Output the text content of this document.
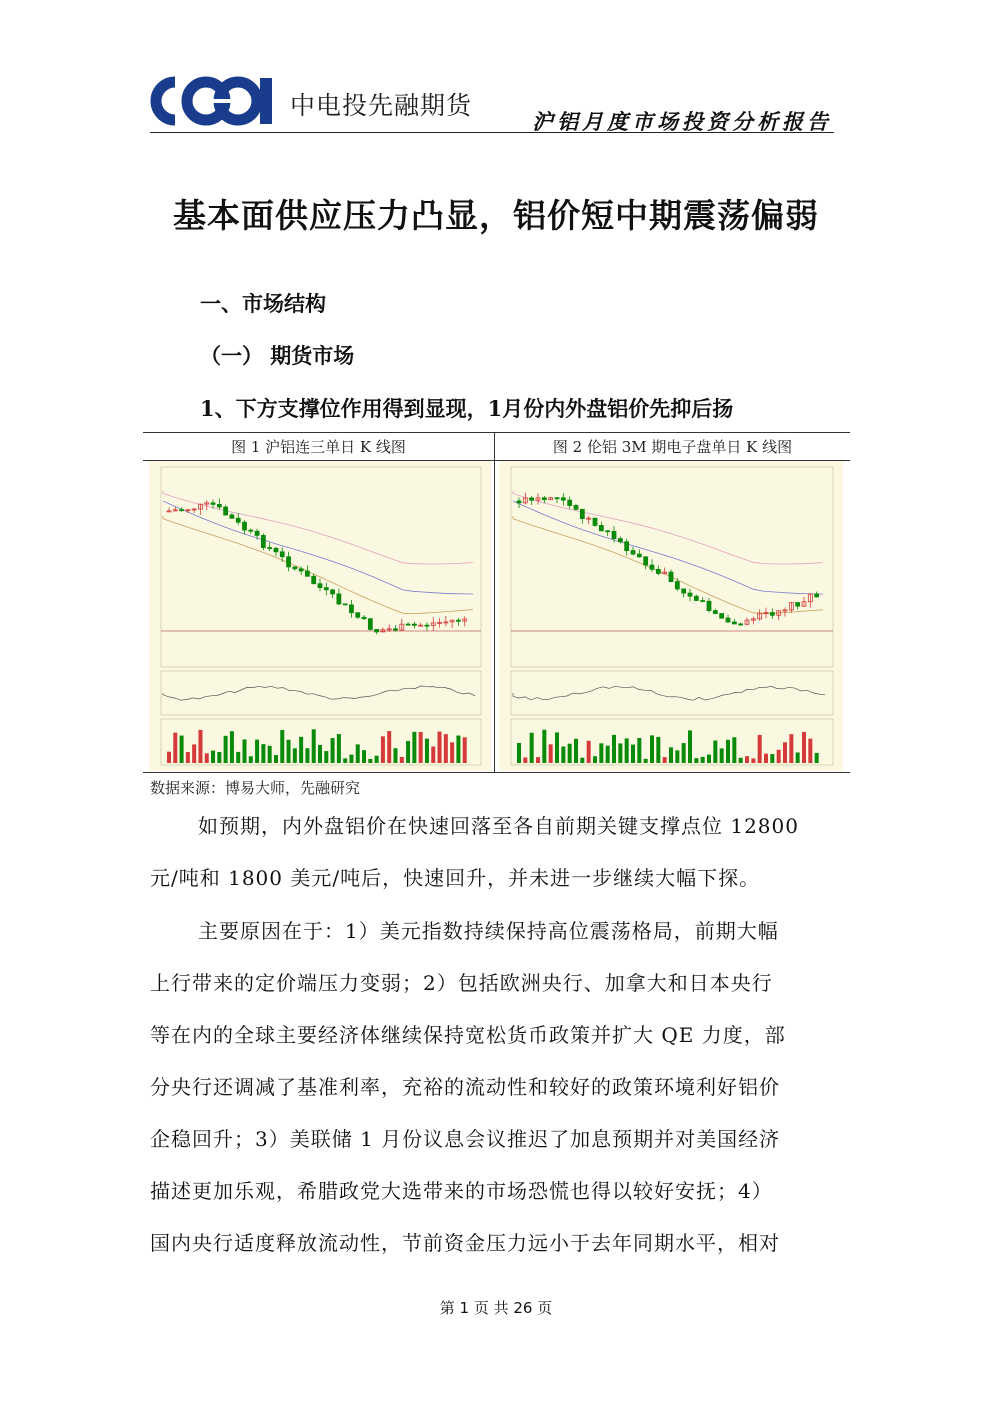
中电投先融期货
沪铝月度市场投资分析报告
基本面供应压力凸显，铝价短中期震荡偏弱
一、市场结构
（一） 期货市场
1、下方支撑位作用得到显现，1月份内外盘铝价先抑后扬
图 1 沪铝连三单日 K 线图	图 2 伦铝 3M 期电子盘单日 K 线图
数据来源：博易大师，先融研究
如预期，内外盘铝价在快速回落至各自前期关键支撑点位 12800
元/吨和 1800 美元/吨后，快速回升，并未进一步继续大幅下探。
主要原因在于：1）美元指数持续保持高位震荡格局，前期大幅
上行带来的定价端压力变弱；2）包括欧洲央行、加拿大和日本央行
等在内的全球主要经济体继续保持宽松货币政策并扩大 QE 力度，部
分央行还调减了基准利率，充裕的流动性和较好的政策环境利好铝价
企稳回升；3）美联储 1 月份议息会议推迟了加息预期并对美国经济
描述更加乐观，希腊政党大选带来的市场恐慌也得以较好安抚；4）
国内央行适度释放流动性，节前资金压力远小于去年同期水平，相对
第 1 页 共 26 页
